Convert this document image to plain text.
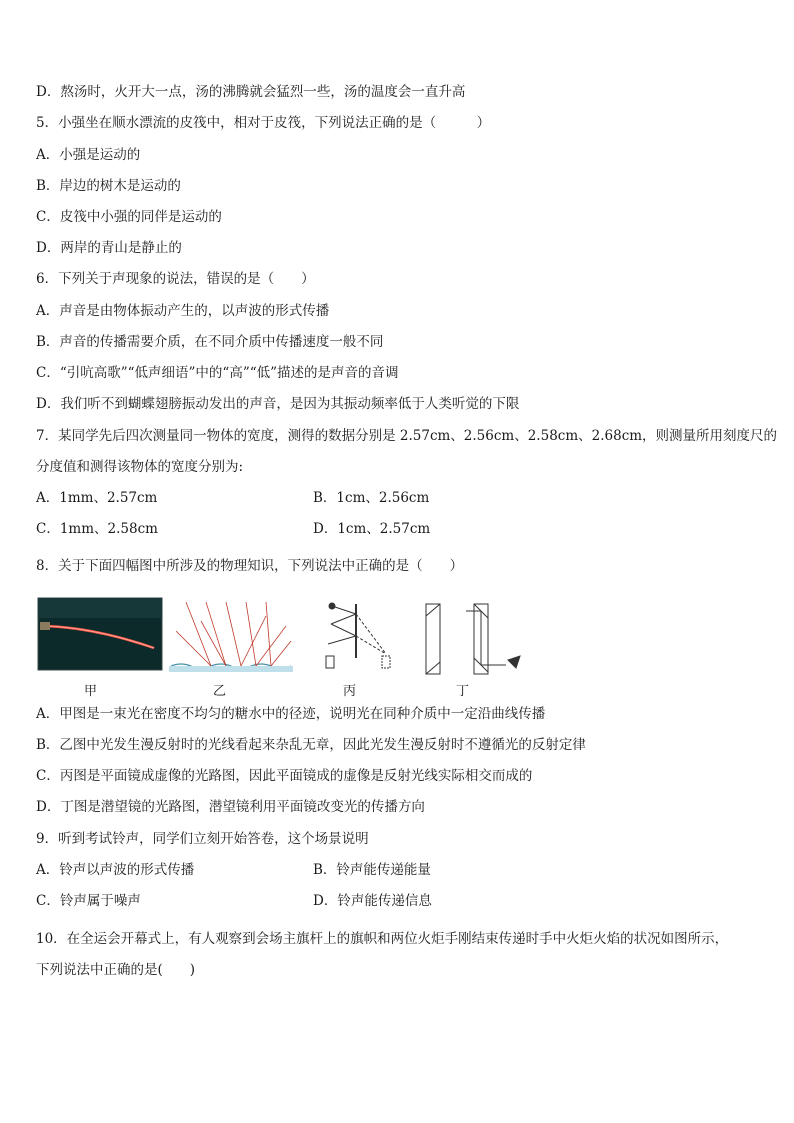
D．熬汤时，火开大一点，汤的沸腾就会猛烈一些，汤的温度会一直升高
5．小强坐在顺水漂流的皮筏中，相对于皮筏，下列说法正确的是（　　　）
A．小强是运动的
B．岸边的树木是运动的
C．皮筏中小强的同伴是运动的
D．两岸的青山是静止的
6．下列关于声现象的说法，错误的是（　　）
A．声音是由物体振动产生的，以声波的形式传播
B．声音的传播需要介质，在不同介质中传播速度一般不同
C．“引吭高歌”“低声细语”中的“高”“低”描述的是声音的音调
D．我们听不到蝴蝶翅膀振动发出的声音，是因为其振动频率低于人类听觉的下限
7．某同学先后四次测量同一物体的宽度，测得的数据分别是 2.57cm、2.56cm、2.58cm、2.68cm，则测量所用刻度尺的
分度值和测得该物体的宽度分别为:
A．1mm、2.57cm	B．1cm、2.56cm
C．1mm、2.58cm	D．1cm、2.57cm
8．关于下面四幅图中所涉及的物理知识，下列说法中正确的是（　　）
甲	乙	丙	丁
A．甲图是一束光在密度不均匀的糖水中的径迹，说明光在同种介质中一定沿曲线传播
B．乙图中光发生漫反射时的光线看起来杂乱无章，因此光发生漫反射时不遵循光的反射定律
C．丙图是平面镜成虚像的光路图，因此平面镜成的虚像是反射光线实际相交而成的
D．丁图是潜望镜的光路图，潜望镜利用平面镜改变光的传播方向
9．听到考试铃声，同学们立刻开始答卷，这个场景说明
A．铃声以声波的形式传播	B．铃声能传递能量
C．铃声属于噪声	D．铃声能传递信息
10．在全运会开幕式上，有人观察到会场主旗杆上的旗帜和两位火炬手刚结束传递时手中火炬火焰的状况如图所示，
下列说法中正确的是(　　)
